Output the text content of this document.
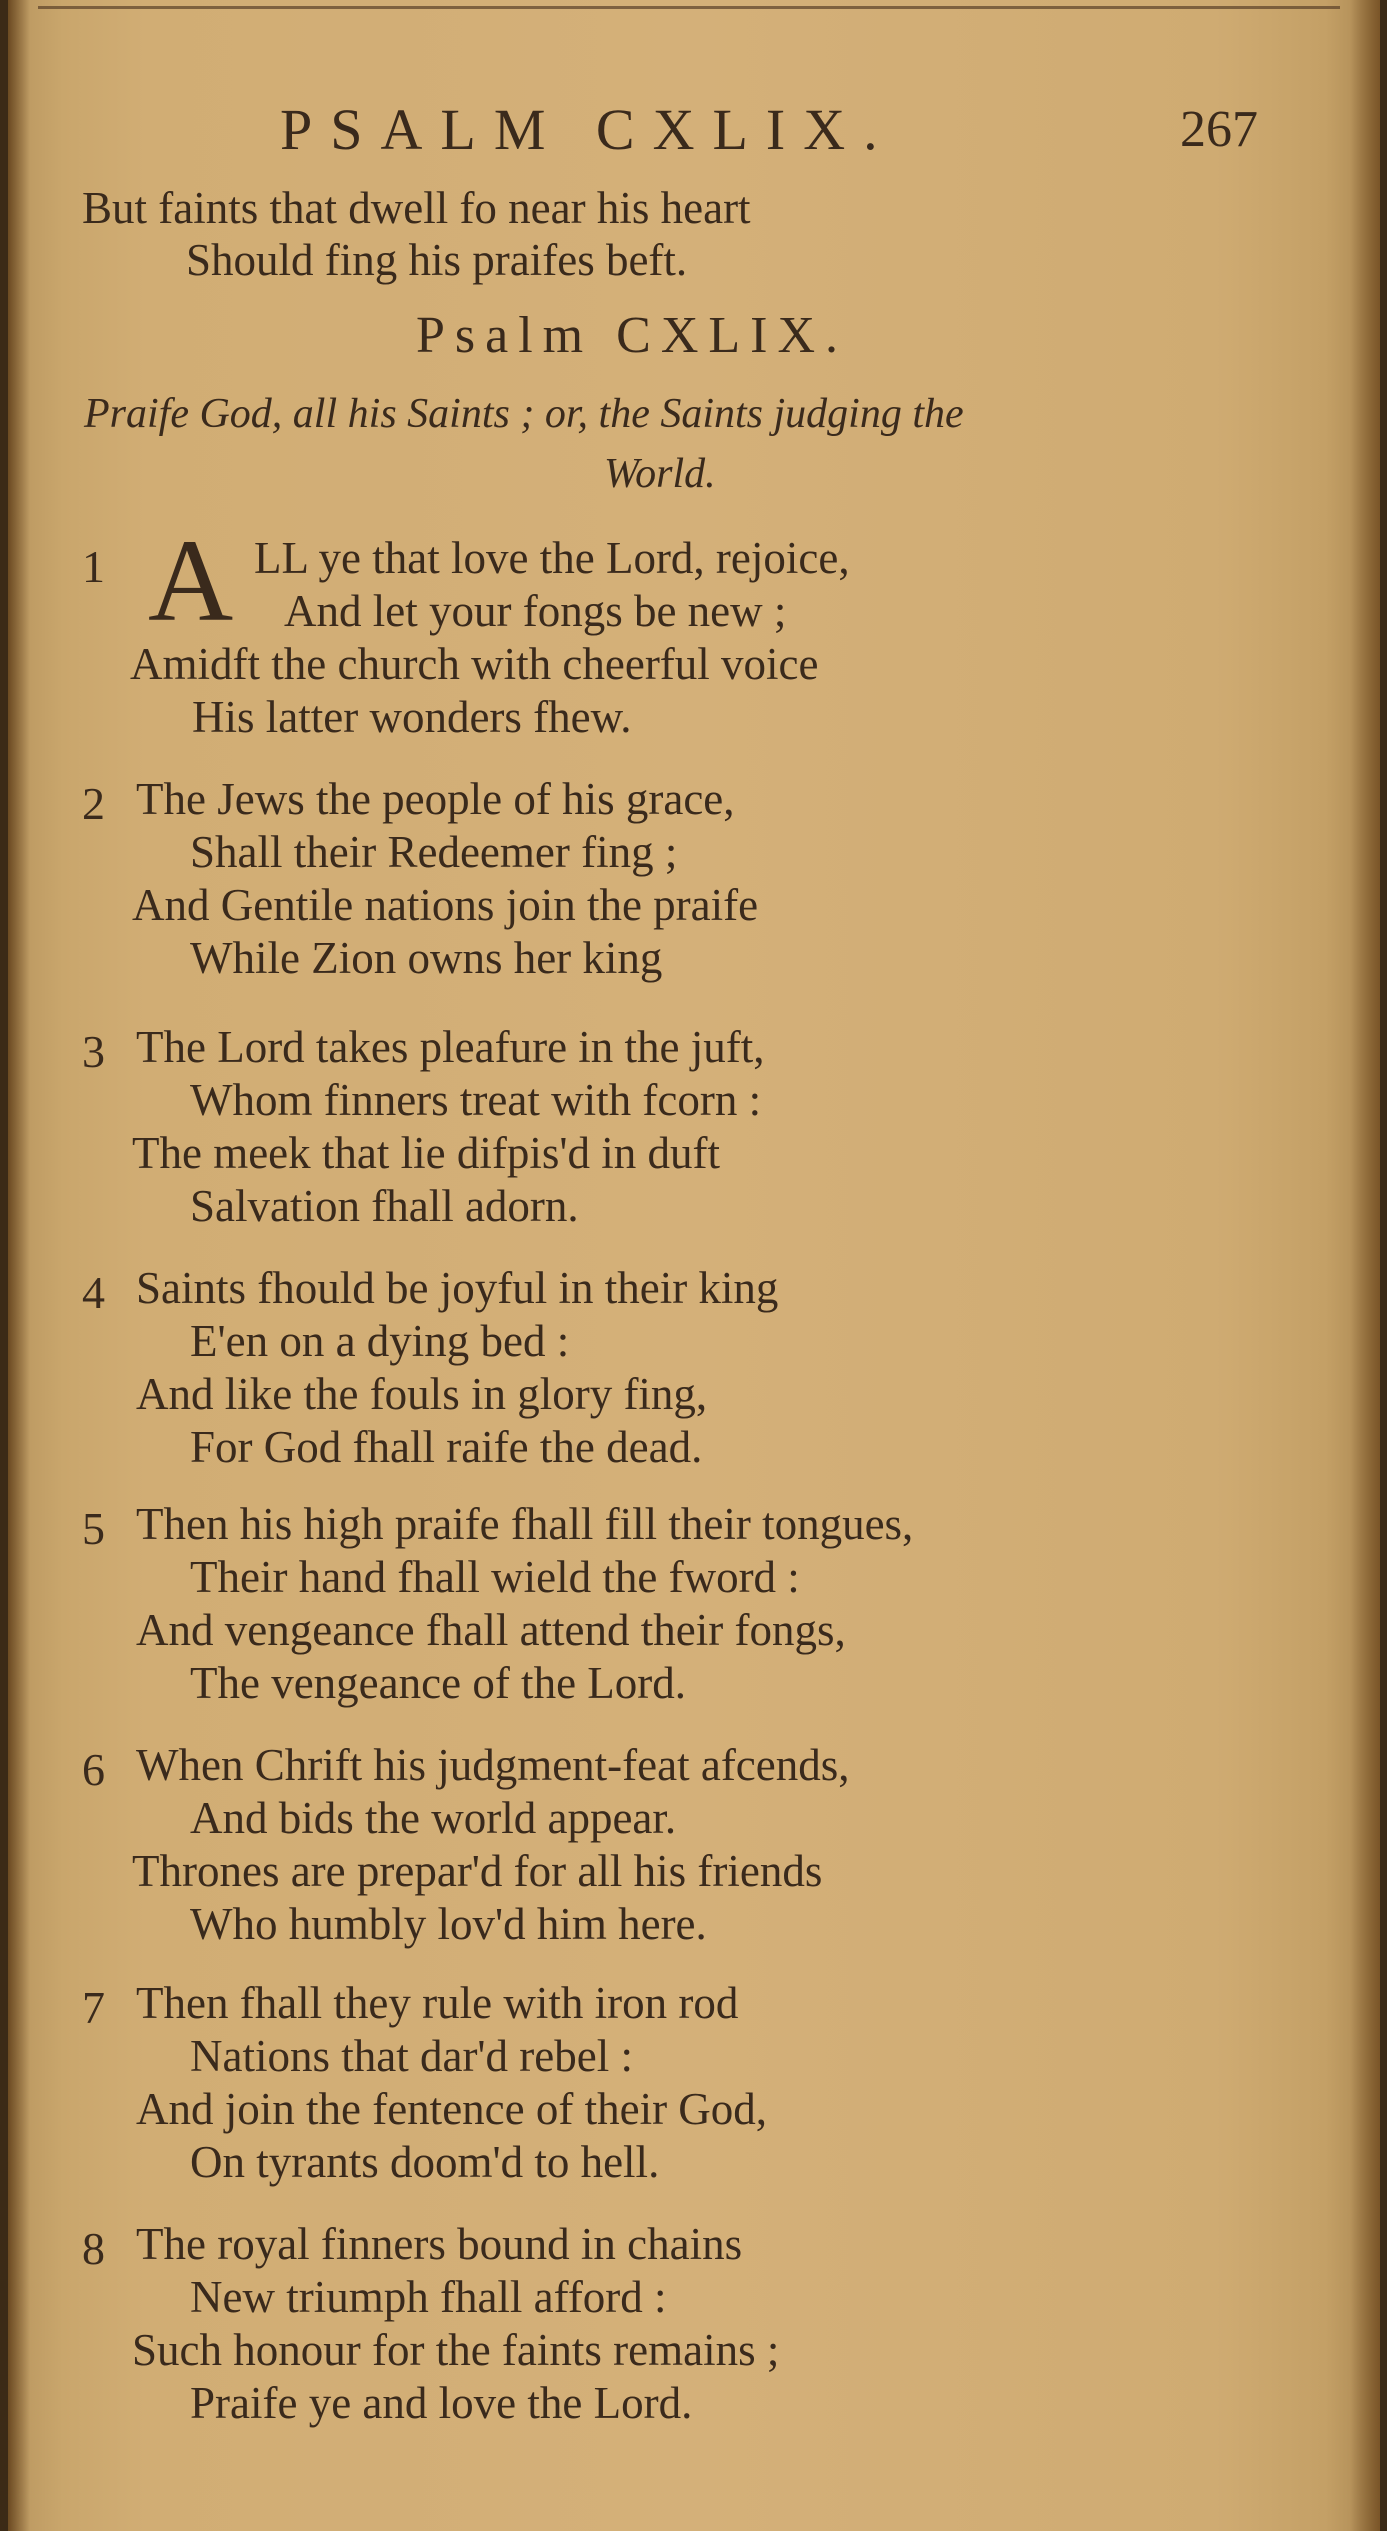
PSALM CXLIX.	267
But faints that dwell fo near his heart
Should fing his praifes beft.
Psalm CXLIX.
Praife God, all his Saints ; or, the Saints judging the
World.
1 A LL ye that love the Lord, rejoice,
And let your fongs be new ;
Amidft the church with cheerful voice
His latter wonders fhew.
2 The Jews the people of his grace,
Shall their Redeemer fing ;
And Gentile nations join the praife
While Zion owns her king
3 The Lord takes pleafure in the juft,
Whom finners treat with fcorn :
The meek that lie difpis'd in duft
Salvation fhall adorn.
4 Saints fhould be joyful in their king
E'en on a dying bed :
And like the fouls in glory fing,
For God fhall raife the dead.
5 Then his high praife fhall fill their tongues,
Their hand fhall wield the fword :
And vengeance fhall attend their fongs,
The vengeance of the Lord.
6 When Chrift his judgment-feat afcends,
And bids the world appear.
Thrones are prepar'd for all his friends
Who humbly lov'd him here.
7 Then fhall they rule with iron rod
Nations that dar'd rebel :
And join the fentence of their God,
On tyrants doom'd to hell.
8 The royal finners bound in chains
New triumph fhall afford :
Such honour for the faints remains ;
Praife ye and love the Lord.
